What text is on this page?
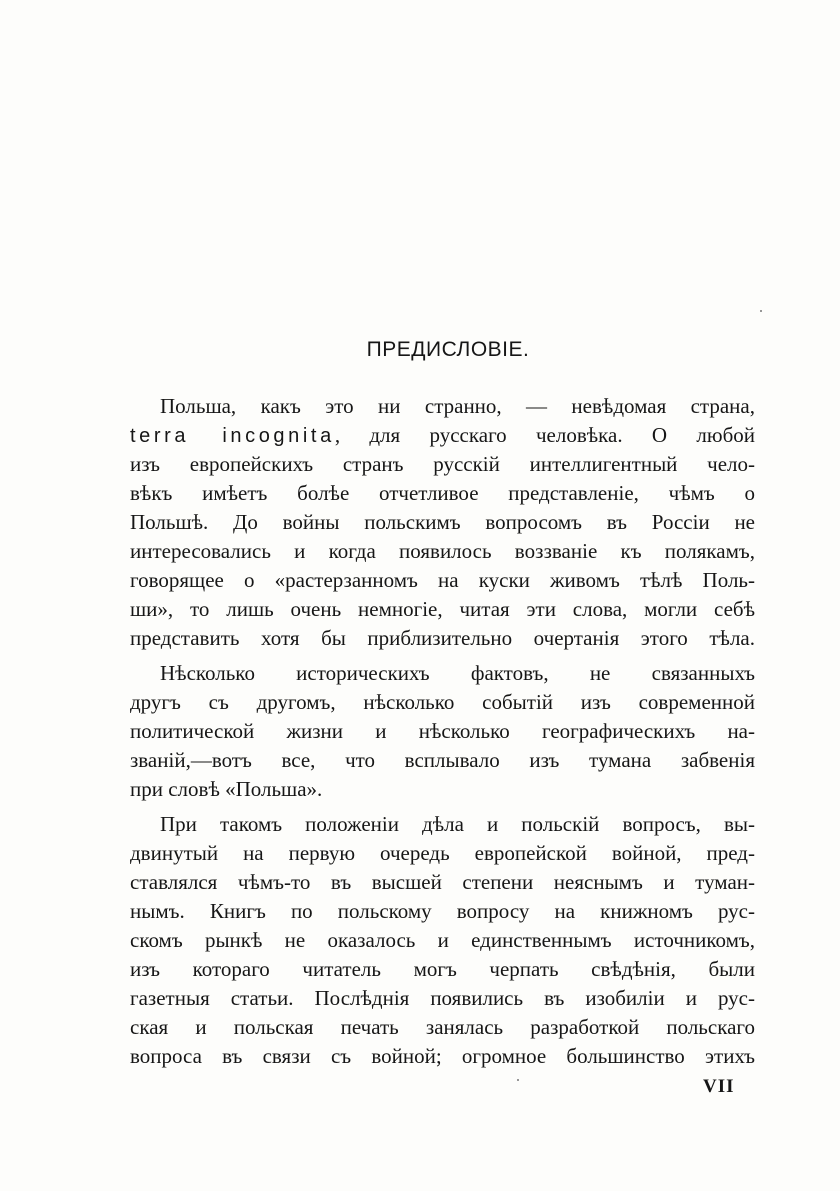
ПРЕДИСЛОВІЕ.
Польша, какъ это ни странно, — невѣдомая страна,
terra incognita, для русскаго человѣка. О любой
изъ европейскихъ странъ русскій интеллигентный чело-
вѣкъ имѣетъ болѣе отчетливое представленіе, чѣмъ о
Польшѣ. До войны польскимъ вопросомъ въ Россіи не
интересовались и когда появилось воззваніе къ полякамъ,
говорящее о «растерзанномъ на куски живомъ тѣлѣ Поль-
ши», то лишь очень немногіе, читая эти слова, могли себѣ
представить хотя бы приблизительно очертанія этого тѣла.
Нѣсколько историческихъ фактовъ, не связанныхъ
другъ съ другомъ, нѣсколько событій изъ современной
политической жизни и нѣсколько географическихъ на-
званій,—вотъ все, что всплывало изъ тумана забвенія
при словѣ «Польша».
При такомъ положеніи дѣла и польскій вопросъ, вы-
двинутый на первую очередь европейской войной, пред-
ставлялся чѣмъ-то въ высшей степени неяснымъ и туман-
нымъ. Книгъ по польскому вопросу на книжномъ рус-
скомъ рынкѣ не оказалось и единственнымъ источникомъ,
изъ котораго читатель могъ черпать свѣдѣнія, были
газетныя статьи. Послѣднія появились въ изобиліи и рус-
ская и польская печать занялась разработкой польскаго
вопроса въ связи съ войной; огромное большинство этихъ
VII
